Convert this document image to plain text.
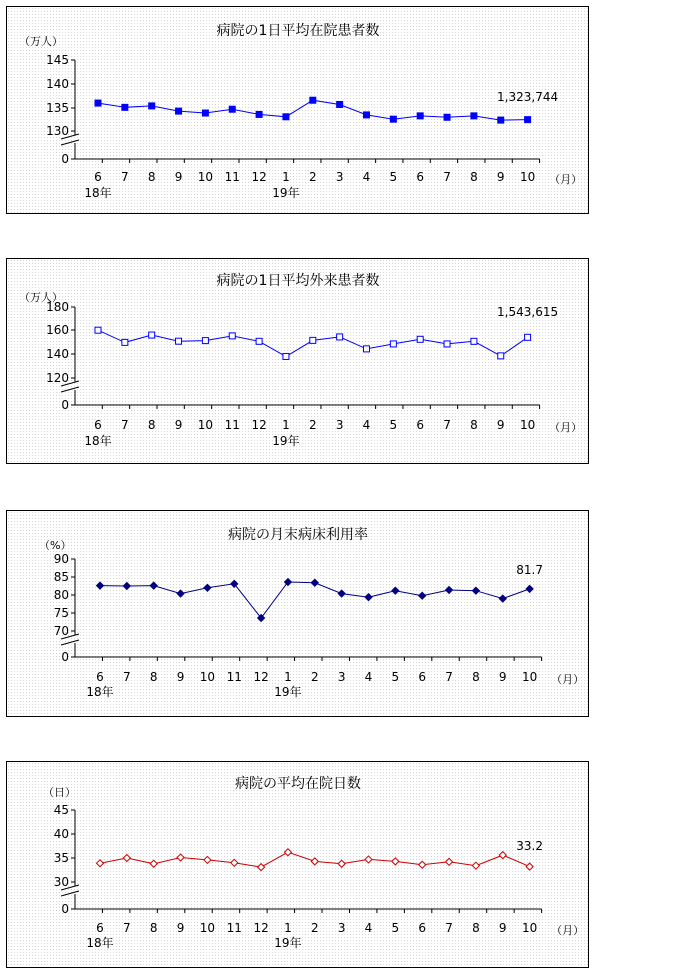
病院の1日平均在院患者数
（万人）
145
140
135
130
0
6 7 8 9 10 11 12 1 2 3 4 5 6 7 8 9 10
18年	19年
（月）
1,323,744
病院の1日平均外来患者数
（万人）
180
160
140
120
0
6 7 8 9 10 11 12 1 2 3 4 5 6 7 8 9 10
18年	19年
（月）
1,543,615
病院の月末病床利用率
（%）
90
85
80
75
70
0
6 7 8 9 10 11 12 1 2 3 4 5 6 7 8 9 10
18年	19年
（月）
81.7
病院の平均在院日数
（日）
45
40
35
30
0
6 7 8 9 10 11 12 1 2 3 4 5 6 7 8 9 10
18年	19年
（月）
33.2
